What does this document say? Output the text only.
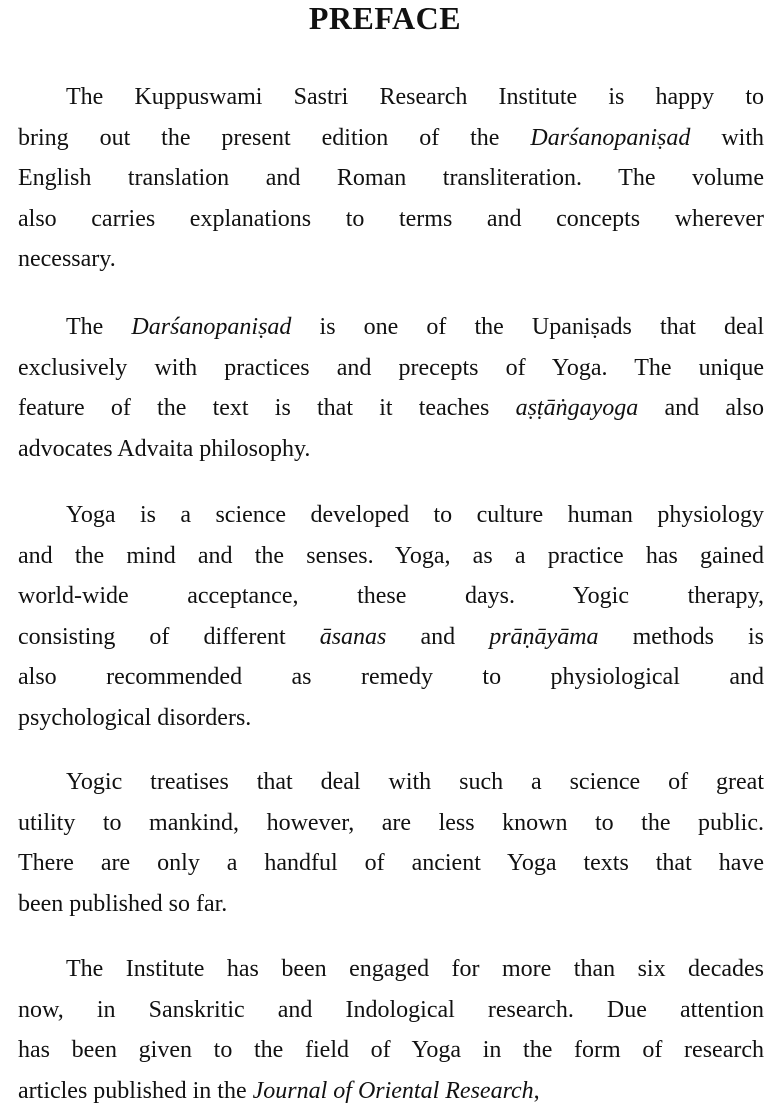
PREFACE
The Kuppuswami Sastri Research Institute is happy to
bring out the present edition of the Darśanopaniṣad with
English translation and Roman transliteration. The volume
also carries explanations to terms and concepts wherever
necessary.
The Darśanopaniṣad is one of the Upaniṣads that deal
exclusively with practices and precepts of Yoga. The unique
feature of the text is that it teaches aṣṭāṅgayoga and also
advocates Advaita philosophy.
Yoga is a science developed to culture human physiology
and the mind and the senses. Yoga, as a practice has gained
world-wide acceptance, these days. Yogic therapy,
consisting of different āsanas and prāṇāyāma methods is
also recommended as remedy to physiological and
psychological disorders.
Yogic treatises that deal with such a science of great
utility to mankind, however, are less known to the public.
There are only a handful of ancient Yoga texts that have
been published so far.
The Institute has been engaged for more than six decades
now, in Sanskritic and Indological research. Due attention
has been given to the field of Yoga in the form of research
articles published in the Journal of Oriental Research,
